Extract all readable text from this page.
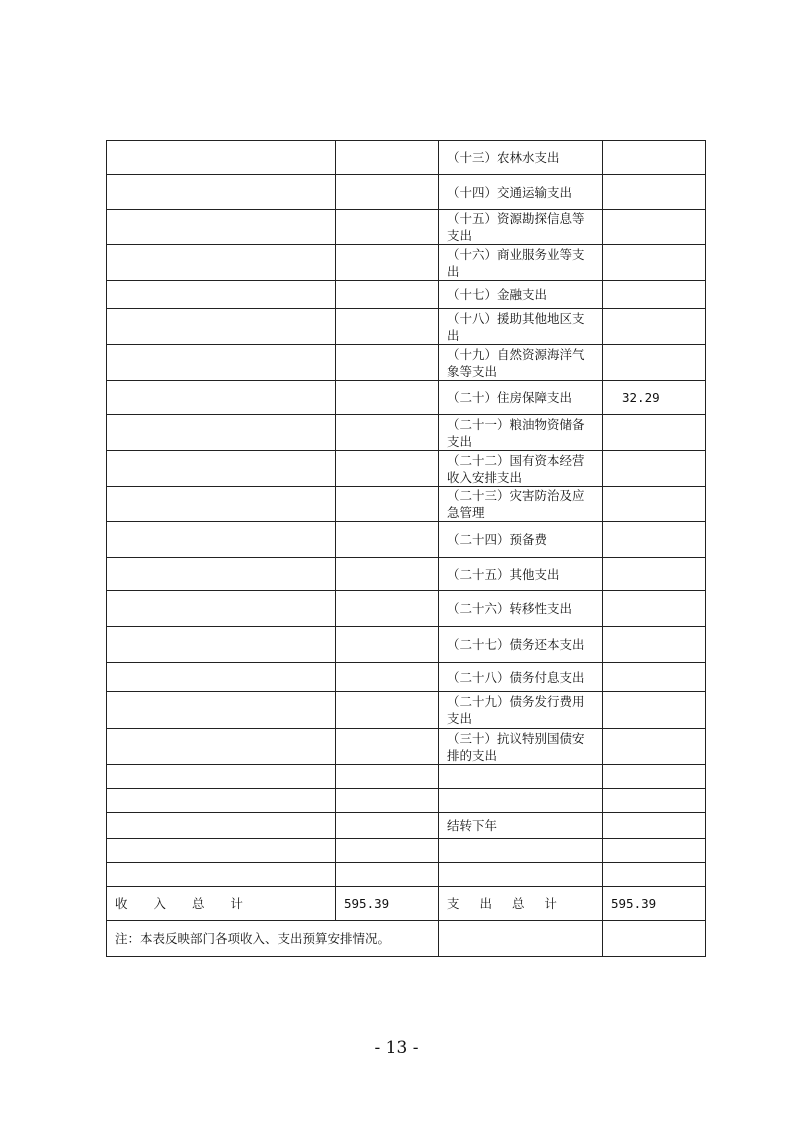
		（十三）农林水支出	
		（十四）交通运输支出	
		（十五）资源勘探信息等支出	
		（十六）商业服务业等支出	
		（十七）金融支出	
		（十八）援助其他地区支出	
		（十九）自然资源海洋气象等支出	
		（二十）住房保障支出	32.29
		（二十一）粮油物资储备支出	
		（二十二）国有资本经营收入安排支出	
		（二十三）灾害防治及应急管理	
		（二十四）预备费	
		（二十五）其他支出	
		（二十六）转移性支出	
		（二十七）债务还本支出	
		（二十八）债务付息支出	
		（二十九）债务发行费用支出	
		（三十）抗议特别国债安排的支出	

		结转下年	

收 入 总 计	595.39	支 出 总 计	595.39
注：本表反映部门各项收入、支出预算安排情况。			
- 13 -
